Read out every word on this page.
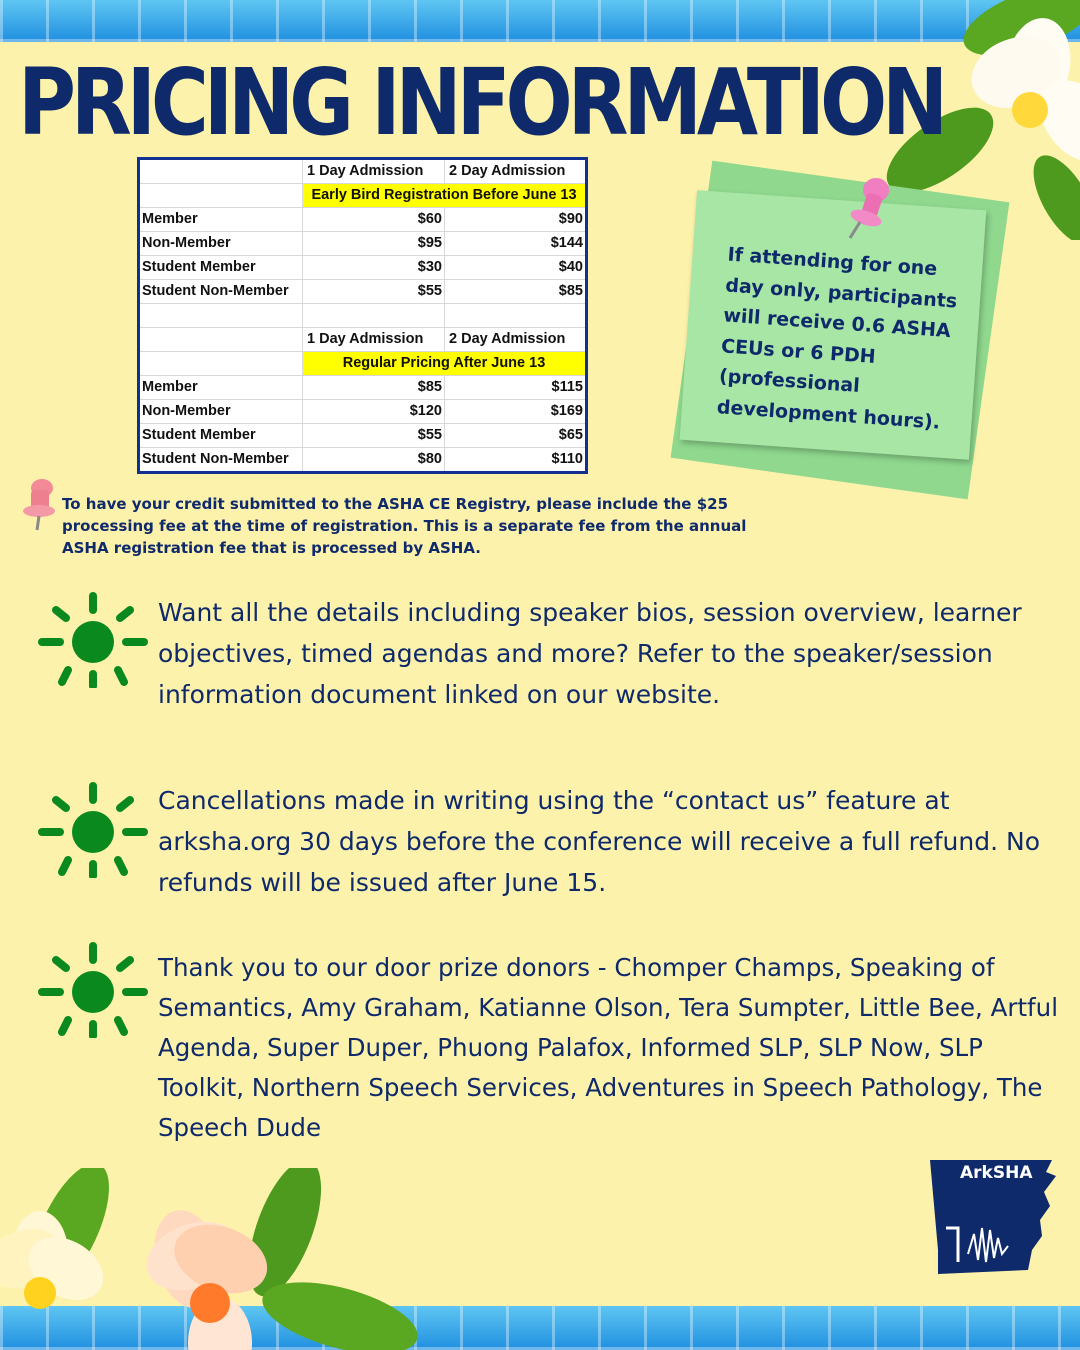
PRICING INFORMATION
	1 Day Admission	2 Day Admission
	Early Bird Registration Before June 13	
Member	$60	$90
Non-Member	$95	$144
Student Member	$30	$40
Student Non-Member	$55	$85

	1 Day Admission	2 Day Admission
	Regular Pricing After June 13	
Member	$85	$115
Non-Member	$120	$169
Student Member	$55	$65
Student Non-Member	$80	$110
If attending for one day only, participants will receive 0.6 ASHA CEUs or 6 PDH (professional development hours).

To have your credit submitted to the ASHA CE Registry, please include the $25 processing fee at the time of registration. This is a separate fee from the annual ASHA registration fee that is processed by ASHA.

Want all the details including speaker bios, session overview, learner objectives, timed agendas and more? Refer to the speaker/session information document linked on our website.

Cancellations made in writing using the “contact us” feature at arksha.org 30 days before the conference will receive a full refund. No refunds will be issued after June 15.

Thank you to our door prize donors - Chomper Champs, Speaking of Semantics, Amy Graham, Katianne Olson, Tera Sumpter, Little Bee, Artful Agenda, Super Duper, Phuong Palafox, Informed SLP, SLP Now, SLP Toolkit, Northern Speech Services, Adventures in Speech Pathology, The Speech Dude

ArkSHA
